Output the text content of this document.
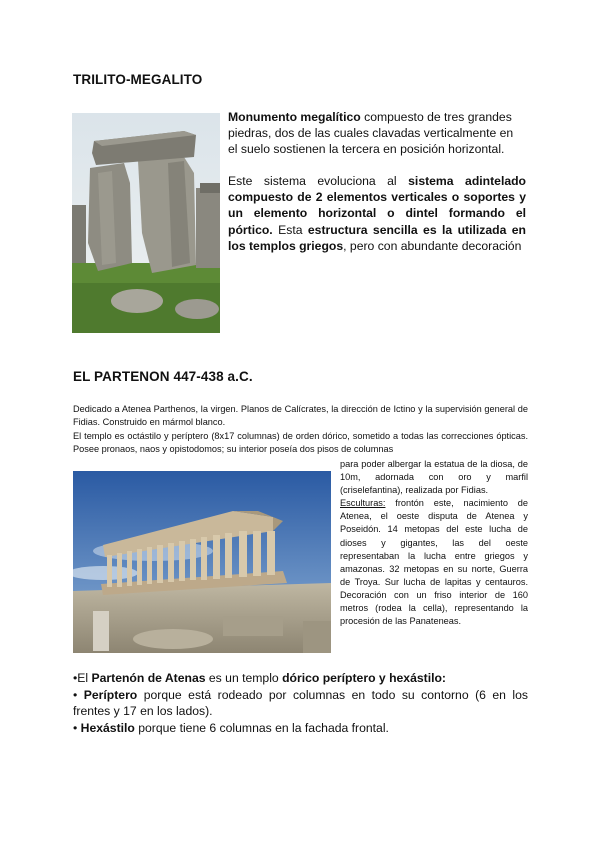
TRILITO-MEGALITO
Monumento megalítico compuesto de tres grandes piedras, dos de las cuales clavadas verticalmente en el suelo sostienen la tercera en posición horizontal.
Este sistema evoluciona al sistema adintelado compuesto de 2 elementos verticales o soportes y un elemento horizontal o dintel formando el pórtico. Esta estructura sencilla es la utilizada en los templos griegos, pero con abundante decoración
EL PARTENON 447-438 a.C.
Dedicado a Atenea Parthenos, la virgen. Planos de Calícrates, la dirección de Ictino y la supervisión general de Fidias. Construido en mármol blanco.
El templo es octástilo y períptero (8x17 columnas) de orden dórico, sometido a todas las correcciones ópticas. Posee pronaos, naos y opistodomos; su interior poseía dos pisos de columnas
para poder albergar la estatua de la diosa, de 10m, adornada con oro y marfil (criselefantina), realizada por Fidias.
Esculturas: frontón este, nacimiento de Atenea, el oeste disputa de Atenea y Poseidón. 14 metopas del este lucha de dioses y gigantes, las del oeste representaban la lucha entre griegos y amazonas. 32 metopas en su norte, Guerra de Troya. Sur lucha de lapitas y centauros. Decoración con un friso interior de 160 metros (rodea la cella), representando la procesión de las Panateneas.
•El Partenón de Atenas es un templo dórico períptero y hexástilo:
• Períptero porque está rodeado por columnas en todo su contorno (6 en los frentes y 17 en los lados).
• Hexástilo porque tiene 6 columnas en la fachada frontal.
